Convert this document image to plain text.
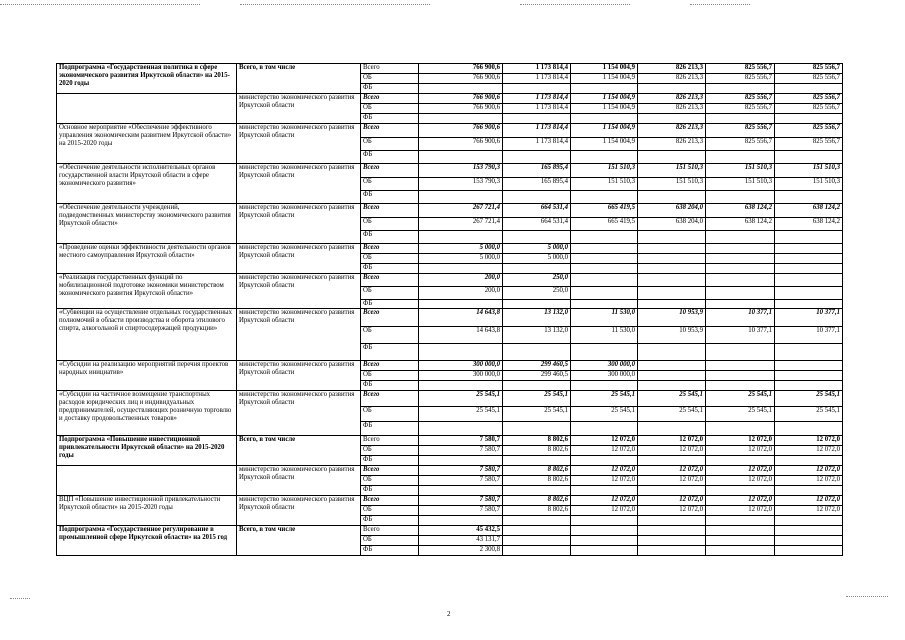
Подпрограмма «Государственная политика в сфере экономического развития Иркутской области» на 2015-2020 годы	Всего, в том числе	Всего	766 900,6	1 173 814,4	1 154 004,9	826 213,3	825 556,7	825 556,7
		ОБ	766 900,6	1 173 814,4	1 154 004,9	826 213,3	825 556,7	825 556,7
		ФБ						
	министерство экономического развития Иркутской области	Всего	766 900,6	1 173 814,4	1 154 004,9	826 213,3	825 556,7	825 556,7
		ОБ	766 900,6	1 173 814,4	1 154 004,9	826 213,3	825 556,7	825 556,7
		ФБ						
Основное мероприятие «Обеспечение эффективного управления экономическим развитием Иркутской области» на 2015-2020 годы	министерство экономического развития Иркутской области	Всего	766 900,6	1 173 814,4	1 154 004,9	826 213,3	825 556,7	825 556,7
		ОБ	766 900,6	1 173 814,4	1 154 004,9	826 213,3	825 556,7	825 556,7
		ФБ						
«Обеспечение деятельности исполнительных органов государственной власти Иркутской области в сфере экономического развития»	министерство экономического развития Иркутской области	Всего	153 790,3	165 895,4	151 510,3	151 510,3	151 510,3	151 510,3
		ОБ	153 790,3	165 895,4	151 510,3	151 510,3	151 510,3	151 510,3
		ФБ						
«Обеспечение деятельности учреждений, подведомственных министерству экономического развития Иркутской области»	министерство экономического развития Иркутской области	Всего	267 721,4	664 531,4	665 419,5	638 204,0	638 124,2	638 124,2
		ОБ	267 721,4	664 531,4	665 419,5	638 204,0	638 124,2	638 124,2
		ФБ						
«Проведение оценки эффективности деятельности органов местного самоуправления Иркутской области»	министерство экономического развития Иркутской области	Всего	5 000,0	5 000,0				
		ОБ	5 000,0	5 000,0				
		ФБ						
«Реализация государственных функций по мобилизационной подготовке экономики министерством экономического развития Иркутской области»	министерство экономического развития Иркутской области	Всего	200,0	250,0				
		ОБ	200,0	250,0				
		ФБ						
«Субвенции на осуществление отдельных государственных полномочий в области производства и оборота этилового спирта, алкогольной и спиртосодержащей продукции»	министерство экономического развития Иркутской области	Всего	14 643,8	13 132,0	11 530,0	10 953,9	10 377,1	10 377,1
		ОБ	14 643,8	13 132,0	11 530,0	10 953,9	10 377,1	10 377,1
		ФБ						
«Субсидии на реализацию мероприятий перечня проектов народных инициатив»	министерство экономического развития Иркутской области	Всего	300 000,0	299 460,5	300 000,0			
		ОБ	300 000,0	299 460,5	300 000,0			
		ФБ						
«Субсидии на частичное возмещение транспортных расходов юридических лиц и индивидуальных предпринимателей, осуществляющих розничную торговлю и доставку продовольственных товаров»	министерство экономического развития Иркутской области	Всего	25 545,1	25 545,1	25 545,1	25 545,1	25 545,1	25 545,1
		ОБ	25 545,1	25 545,1	25 545,1	25 545,1	25 545,1	25 545,1
		ФБ						
Подпрограмма «Повышение инвестиционной привлекательности Иркутской области» на 2015-2020 годы	Всего, в том числе	Всего	7 580,7	8 802,6	12 072,0	12 072,0	12 072,0	12 072,0
		ОБ	7 580,7	8 802,6	12 072,0	12 072,0	12 072,0	12 072,0
		ФБ						
	министерство экономического развития Иркутской области	Всего	7 580,7	8 802,6	12 072,0	12 072,0	12 072,0	12 072,0
		ОБ	7 580,7	8 802,6	12 072,0	12 072,0	12 072,0	12 072,0
		ФБ						
ВЦП «Повышение инвестиционной привлекательности Иркутской области» на 2015-2020 годы	министерство экономического развития Иркутской области	Всего	7 580,7	8 802,6	12 072,0	12 072,0	12 072,0	12 072,0
		ОБ	7 580,7	8 802,6	12 072,0	12 072,0	12 072,0	12 072,0
		ФБ						
Подпрограмма «Государственное регулирование в промышленной сфере Иркутской области» на 2015 год	Всего, в том числе	Всего	45 432,5					
		ОБ	43 131,7					
		ФБ	2 300,8					
2
